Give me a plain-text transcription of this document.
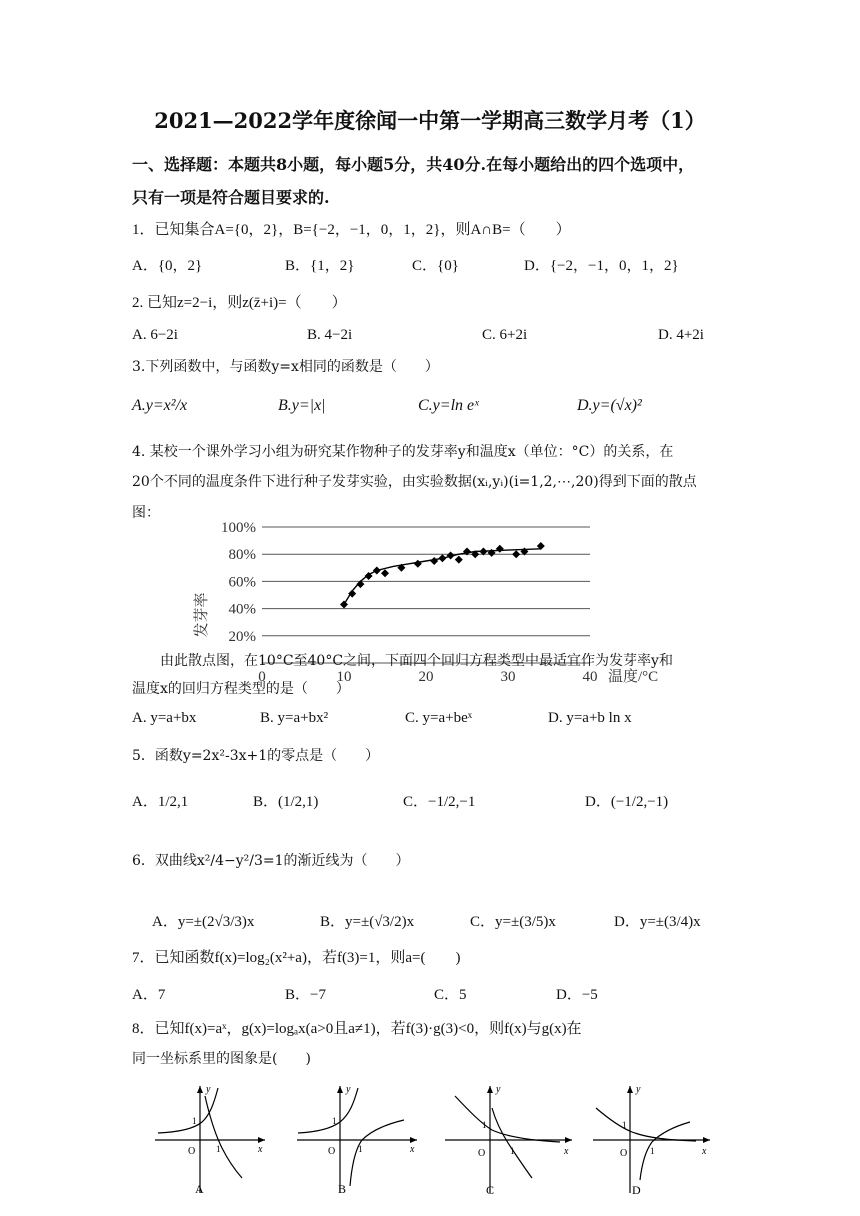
2021—2022学年度徐闻一中第一学期高三数学月考（1）
一、选择题：本题共8小题，每小题5分，共40分.在每小题给出的四个选项中，
只有一项是符合题目要求的.
1．已知集合A={0，2}，B={−2，−1，0，1，2}，则A∩B=（　　）
A．{0，2}	B．{1，2}	C．{0}	D．{−2，−1，0，1，2}
2. 已知z=2−i，则z(z̄+i)=（　　）
A. 6−2i	B. 4−2i	C. 6+2i	D. 4+2i
3.下列函数中，与函数y=x相同的函数是（　　）
A.y=x²/x	B.y=|x|	C.y=ln eˣ	D.y=(√x)²
4. 某校一个课外学习小组为研究某作物种子的发芽率y和温度x（单位：°C）的关系，在
20个不同的温度条件下进行种子发芽实验，由实验数据(xᵢ,yᵢ)(i=1,2,⋯,20)得到下面的散点
图：
20%
40%
60%
80%
100%
0	10	20	30	40
发芽率
温度/°C
由此散点图，在10°C至40°C之间，下面四个回归方程类型中最适宜作为发芽率y和
温度x的回归方程类型的是（　　）
A. y=a+bx	B. y=a+bx²	C. y=a+beˣ	D. y=a+b ln x
5．函数y=2x²-3x+1的零点是（　　）
A．1/2,1	B．(1/2,1)	C．−1/2,−1	D．(−1/2,−1)
6．双曲线x²/4−y²/3=1的渐近线为（　　）
A．y=±(2√3/3)x	B．y=±(√3/2)x	C．y=±(3/5)x	D．y=±(3/4)x
7．已知函数f(x)=log₂(x²+a)，若f(3)=1，则a=(　　)
A．7	B．−7	C．5	D．−5
8．已知f(x)=aˣ，g(x)=logₐx(a>0且a≠1)，若f(3)·g(3)<0，则f(x)与g(x)在
同一坐标系里的图象是(　　)
y
x
O
1
1
A
y
x
O
1
1
B
y
x
O
1
1
C
y
x
O
1
1
D
